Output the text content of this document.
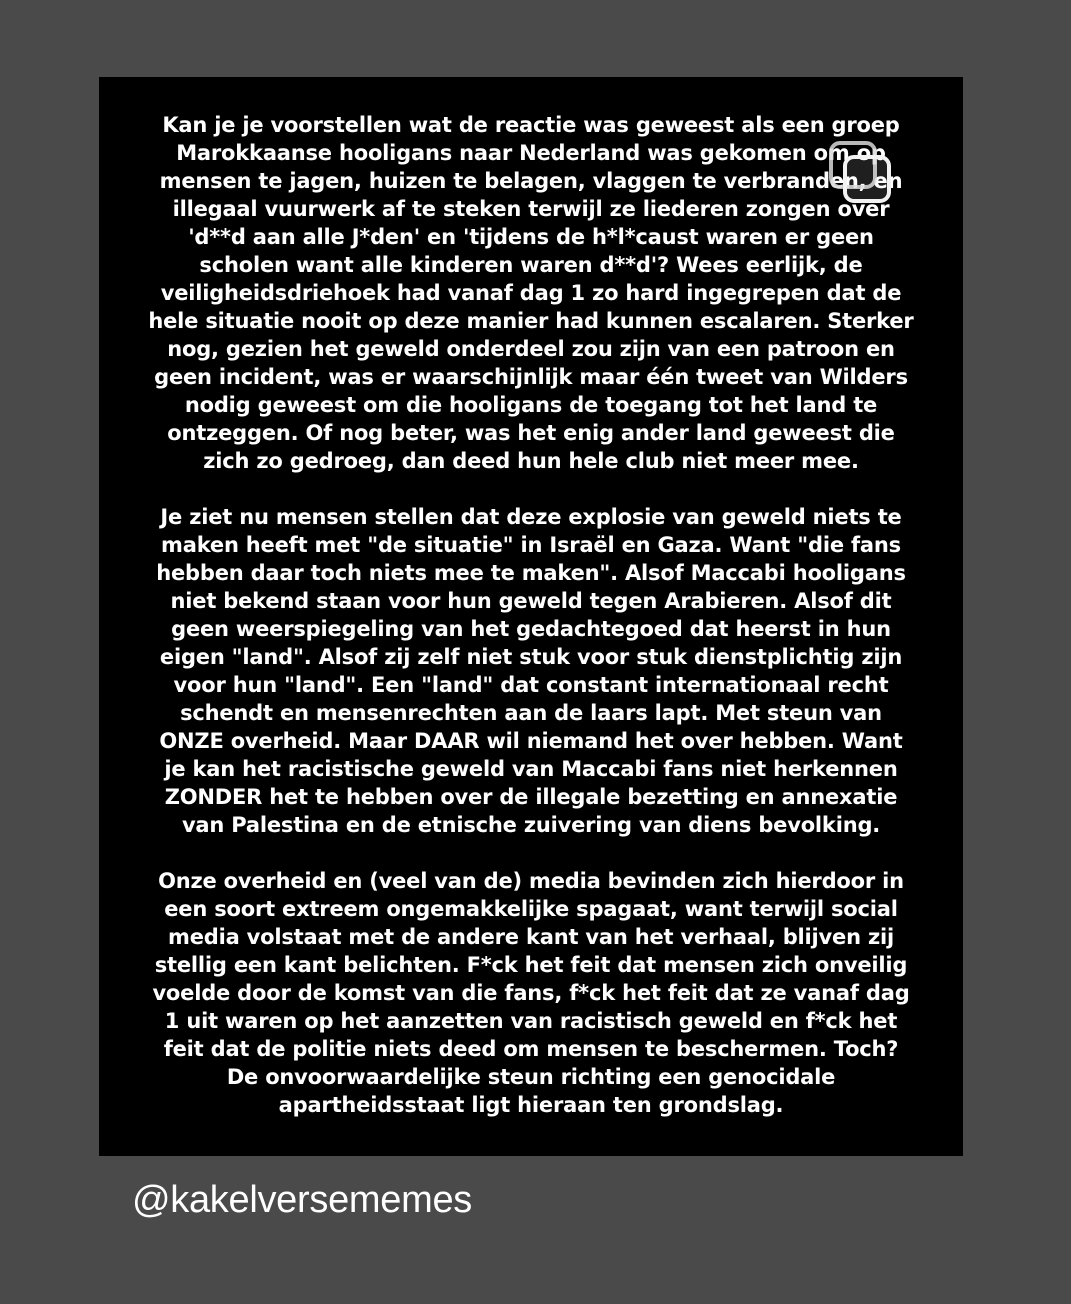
Kan je je voorstellen wat de reactie was geweest als een groep
Marokkaanse hooligans naar Nederland was gekomen om op
mensen te jagen, huizen te belagen, vlaggen te verbranden, en
illegaal vuurwerk af te steken terwijl ze liederen zongen over
'd**d aan alle J*den' en 'tijdens de h*l*caust waren er geen
scholen want alle kinderen waren d**d'? Wees eerlijk, de
veiligheidsdriehoek had vanaf dag 1 zo hard ingegrepen dat de
hele situatie nooit op deze manier had kunnen escalaren. Sterker
nog, gezien het geweld onderdeel zou zijn van een patroon en
geen incident, was er waarschijnlijk maar één tweet van Wilders
nodig geweest om die hooligans de toegang tot het land te
ontzeggen. Of nog beter, was het enig ander land geweest die
zich zo gedroeg, dan deed hun hele club niet meer mee.
Je ziet nu mensen stellen dat deze explosie van geweld niets te
maken heeft met "de situatie" in Israël en Gaza. Want "die fans
hebben daar toch niets mee te maken". Alsof Maccabi hooligans
niet bekend staan voor hun geweld tegen Arabieren. Alsof dit
geen weerspiegeling van het gedachtegoed dat heerst in hun
eigen "land". Alsof zij zelf niet stuk voor stuk dienstplichtig zijn
voor hun "land". Een "land" dat constant internationaal recht
schendt en mensenrechten aan de laars lapt. Met steun van
ONZE overheid. Maar DAAR wil niemand het over hebben. Want
je kan het racistische geweld van Maccabi fans niet herkennen
ZONDER het te hebben over de illegale bezetting en annexatie
van Palestina en de etnische zuivering van diens bevolking.
Onze overheid en (veel van de) media bevinden zich hierdoor in
een soort extreem ongemakkelijke spagaat, want terwijl social
media volstaat met de andere kant van het verhaal, blijven zij
stellig een kant belichten. F*ck het feit dat mensen zich onveilig
voelde door de komst van die fans, f*ck het feit dat ze vanaf dag
1 uit waren op het aanzetten van racistisch geweld en f*ck het
feit dat de politie niets deed om mensen te beschermen. Toch?
De onvoorwaardelijke steun richting een genocidale
apartheidsstaat ligt hieraan ten grondslag.
@kakelversememes
